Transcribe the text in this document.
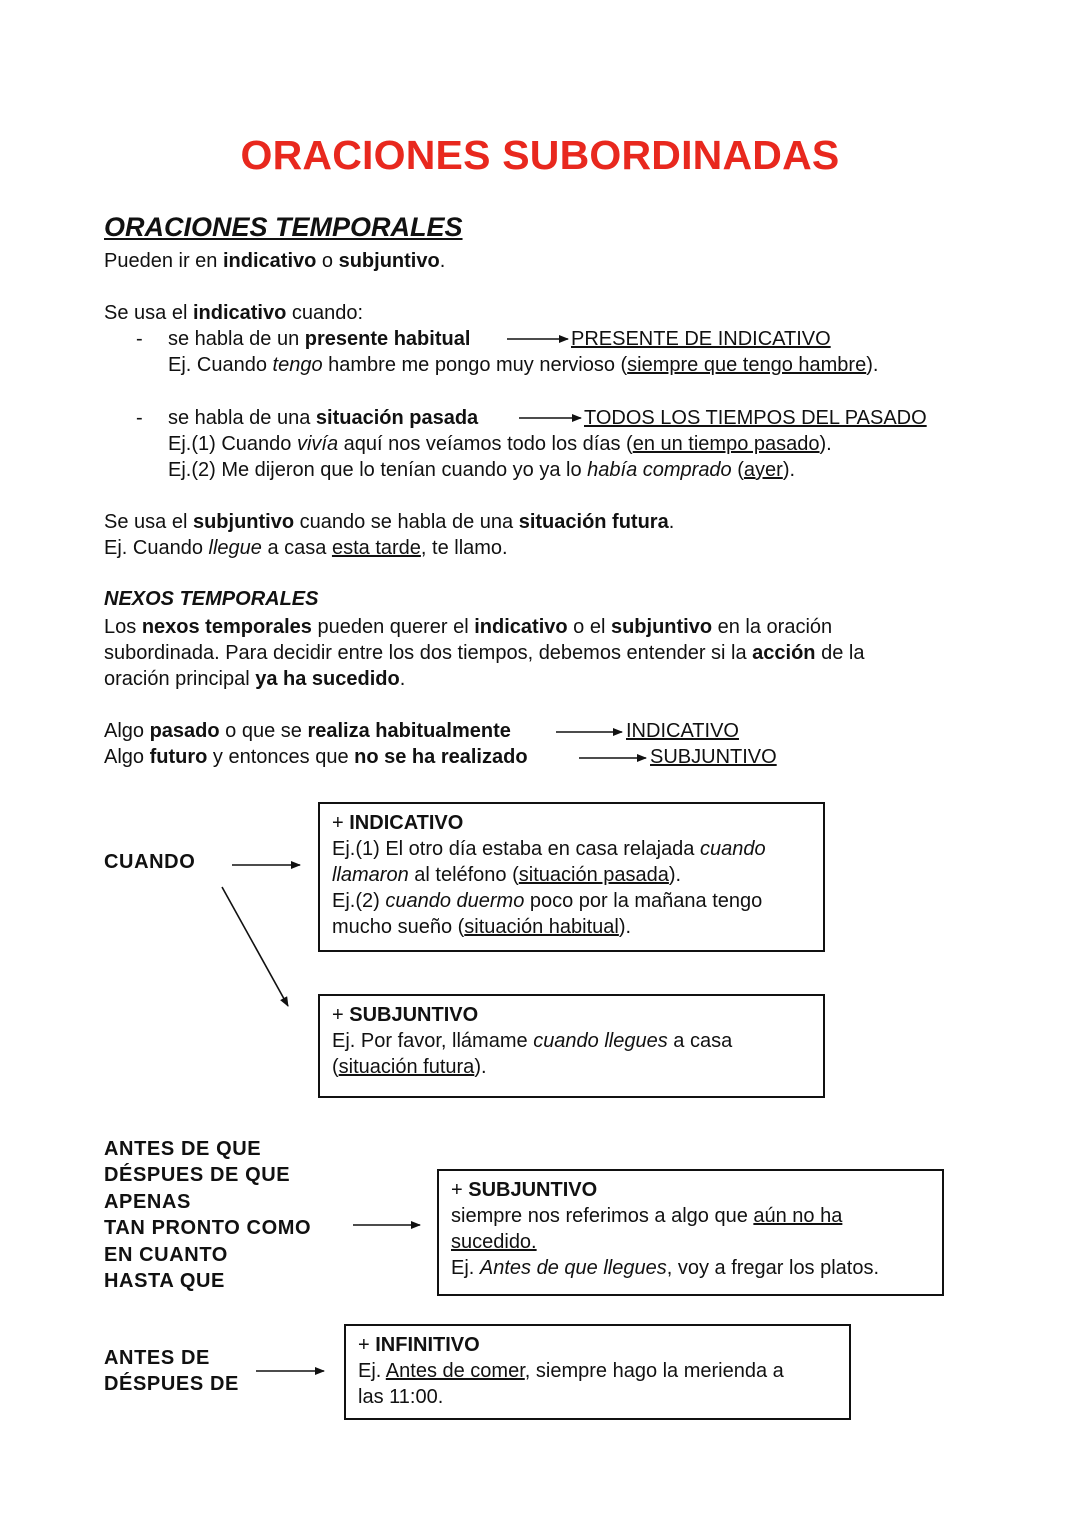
ORACIONES SUBORDINADAS
ORACIONES TEMPORALES
Pueden ir en indicativo o subjuntivo.
Se usa el indicativo cuando:
- se habla de un presente habitual	PRESENTE DE INDICATIVO
Ej. Cuando tengo hambre me pongo muy nervioso (siempre que tengo hambre).
- se habla de una situación pasada	TODOS LOS TIEMPOS DEL PASADO
Ej.(1) Cuando vivía aquí nos veíamos todo los días (en un tiempo pasado).
Ej.(2) Me dijeron que lo tenían cuando yo ya lo había comprado (ayer).
Se usa el subjuntivo cuando se habla de una situación futura.
Ej. Cuando llegue a casa esta tarde, te llamo.
NEXOS TEMPORALES
Los nexos temporales pueden querer el indicativo o el subjuntivo en la oración
subordinada. Para decidir entre los dos tiempos, debemos entender si la acción de la
oración principal ya ha sucedido.
Algo pasado o que se realiza habitualmente	INDICATIVO
Algo futuro y entonces que no se ha realizado	SUBJUNTIVO
CUANDO
+ INDICATIVO
Ej.(1) El otro día estaba en casa relajada cuando
llamaron al teléfono (situación pasada).
Ej.(2) cuando duermo poco por la mañana tengo
mucho sueño (situación habitual).
+ SUBJUNTIVO
Ej. Por favor, llámame cuando llegues a casa
(situación futura).
ANTES DE QUE
DÉSPUES DE QUE
APENAS
TAN PRONTO COMO
EN CUANTO
HASTA QUE
+ SUBJUNTIVO
siempre nos referimos a algo que aún no ha
sucedido.
Ej. Antes de que llegues, voy a fregar los platos.
ANTES DE
DÉSPUES DE
+ INFINITIVO
Ej. Antes de comer, siempre hago la merienda a
las 11:00.
